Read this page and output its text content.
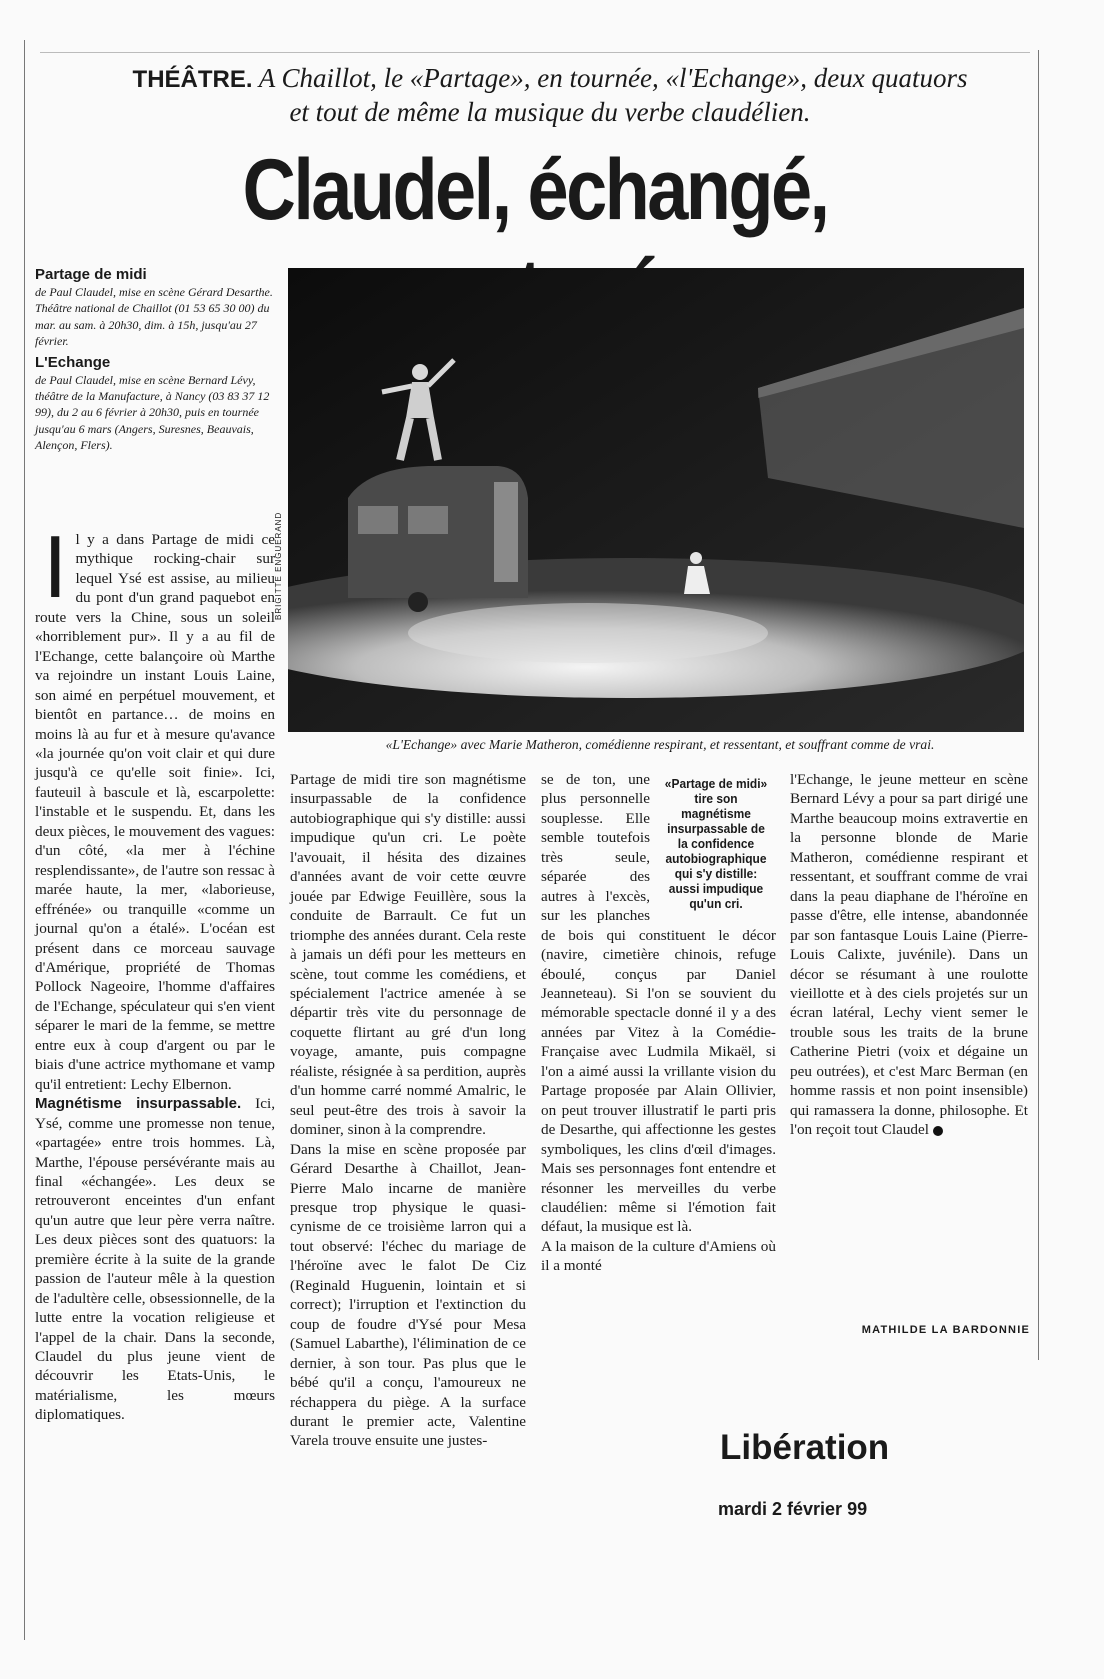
THÉÂTRE. A Chaillot, le «Partage», en tournée, «l'Echange», deux quatuors
et tout de même la musique du verbe claudélien.
Claudel, échangé,
Partage de midi

de Paul Claudel, mise en scène Gérard Desarthe. Théâtre national de Chaillot (01 53 65 30 00) du mar. au sam. à 20h30, dim. à 15h, jusqu'au 27 février.

L'Echange

de Paul Claudel, mise en scène Bernard Lévy, théâtre de la Manufacture, à Nancy (03 83 37 12 99), du 2 au 6 février à 20h30, puis en tournée jusqu'au 6 mars (Angers, Suresnes, Beauvais, Alençon, Flers).

BRIGITTE ENGUERAND
«L'Echange» avec Marie Matheron, comédienne respirant, et ressentant, et souffrant comme de vrai.
I l y a dans Partage de midi ce mythique rocking-chair sur lequel Ysé est assise, au milieu du pont d'un grand paquebot en route vers la Chine, sous un soleil «horriblement pur». Il y a au fil de l'Echange, cette balançoire où Marthe va rejoindre un instant Louis Laine, son aimé en perpétuel mouvement, et bientôt en partance… de moins en moins là au fur et à mesure qu'avance «la journée qu'on voit clair et qui dure jusqu'à ce qu'elle soit finie». Ici, fauteuil à bascule et là, escarpolette: l'instable et le suspendu. Et, dans les deux pièces, le mouvement des vagues: d'un côté, «la mer à l'échine resplendissante», de l'autre son ressac à marée haute, la mer, «laborieuse, effrénée» ou tranquille «comme un journal qu'on a étalé». L'océan est présent dans ce morceau sauvage d'Amérique, propriété de Thomas Pollock Nageoire, l'homme d'affaires de l'Echange, spéculateur qui s'en vient séparer le mari de la femme, se mettre entre eux à coup d'argent ou par le biais d'une actrice mythomane et vamp qu'il entretient: Lechy Elbernon.

Magnétisme insurpassable. Ici, Ysé, comme une promesse non tenue, «partagée» entre trois hommes. Là, Marthe, l'épouse persévérante mais au final «échangée». Les deux se retrouveront enceintes d'un enfant qu'un autre que leur père verra naître. Les deux pièces sont des quatuors: la première écrite à la suite de la grande passion de l'auteur mêle à la question de l'adultère celle, obsessionnelle, de la lutte entre la vocation religieuse et l'appel de la chair. Dans la seconde, Claudel du plus jeune vient de découvrir les Etats-Unis, le matérialisme, les mœurs diplomatiques.

Partage de midi tire son magnétisme insurpassable de la confidence autobiographique qui s'y distille: aussi impudique qu'un cri. Le poète l'avouait, il hésita des dizaines d'années avant de voir cette œuvre jouée par Edwige Feuillère, sous la conduite de Barrault. Ce fut un triomphe des années durant. Cela reste à jamais un défi pour les metteurs en scène, tout comme les comédiens, et spécialement l'actrice amenée à se départir très vite du personnage de coquette flirtant au gré d'un long voyage, amante, puis compagne réaliste, résignée à sa perdition, auprès d'un homme carré nommé Amalric, le seul peut-être des trois à savoir la dominer, sinon à la comprendre.

Dans la mise en scène proposée par Gérard Desarthe à Chaillot, Jean-Pierre Malo incarne de manière presque trop physique le quasi-cynisme de ce troisième larron qui a tout observé: l'échec du mariage de l'héroïne avec le falot De Ciz (Reginald Huguenin, lointain et si correct); l'irruption et l'extinction du coup de foudre d'Ysé pour Mesa (Samuel Labarthe), l'élimination de ce dernier, à son tour. Pas plus que le bébé qu'il a conçu, l'amoureux ne réchappera du piège. A la surface durant le premier acte, Valentine Varela trouve ensuite une justes-

«Partage de midi» tire son magnétisme insurpassable de la confidence autobiographique qui s'y distille: aussi impudique qu'un cri.
se de ton, une plus personnelle souplesse. Elle semble toutefois très seule, séparée des autres à l'excès, sur les planches de bois qui constituent le décor (navire, cimetière chinois, refuge éboulé, conçus par Daniel Jeanneteau). Si l'on se souvient du mémorable spectacle donné il y a des années par Vitez à la Comédie-Française avec Ludmila Mikaël, si l'on a aimé aussi la vrillante vision du Partage proposée par Alain Ollivier, on peut trouver illustratif le parti pris de Desarthe, qui affectionne les gestes symboliques, les clins d'œil d'images. Mais ses personnages font entendre et résonner les merveilles du verbe claudélien: même si l'émotion fait défaut, la musique est là.

A la maison de la culture d'Amiens où il a monté

l'Echange, le jeune metteur en scène Bernard Lévy a pour sa part dirigé une Marthe beaucoup moins extravertie en la personne blonde de Marie Matheron, comédienne respirant et ressentant, et souffrant comme de vrai dans la peau diaphane de l'héroïne en passe d'être, elle intense, abandonnée par son fantasque Louis Laine (Pierre-Louis Calixte, juvénile). Dans un décor se résumant à une roulotte vieillotte et à des ciels projetés sur un écran latéral, Lechy vient semer le trouble sous les traits de la brune Catherine Pietri (voix et dégaine un peu outrées), et c'est Marc Berman (en homme rassis et non point insensible) qui ramassera la donne, philosophe. Et l'on reçoit tout Claudel

MATHILDE LA BARDONNIE
Libération
mardi 2 février 99
